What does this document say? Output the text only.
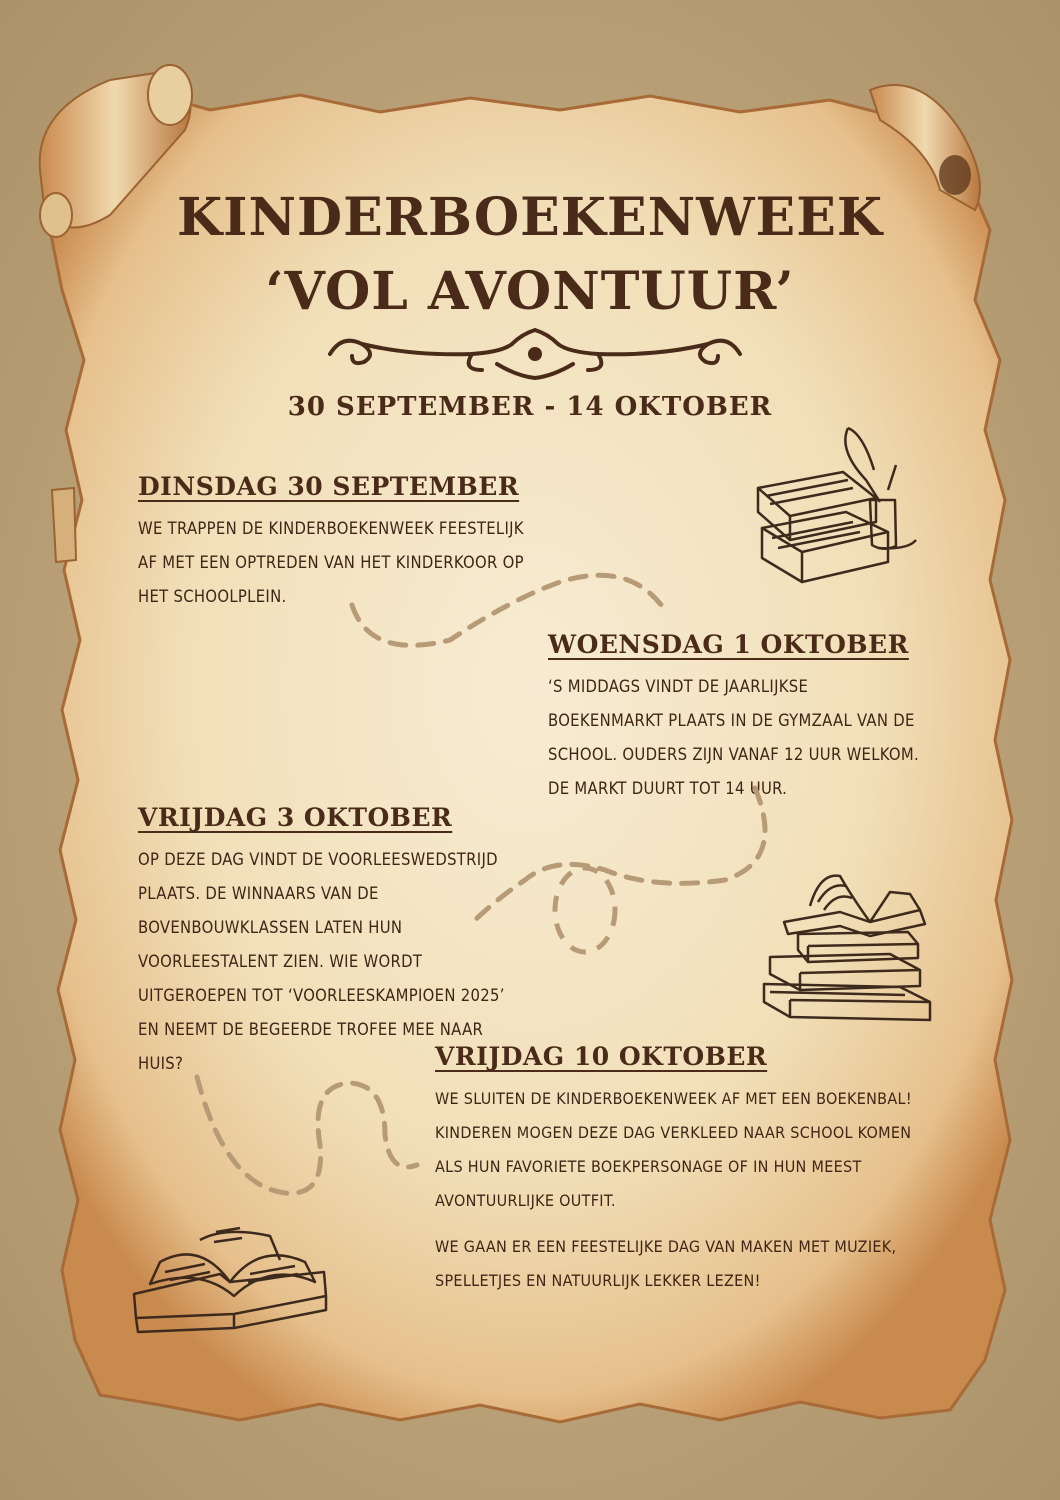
KINDERBOEKENWEEK
‘VOL AVONTUUR’
30 SEPTEMBER - 14 OKTOBER
DINSDAG 30 SEPTEMBER

WE TRAPPEN DE KINDERBOEKENWEEK FEESTELIJK AF MET EEN OPTREDEN VAN HET KINDERKOOR OP HET SCHOOLPLEIN.

WOENSDAG 1 OKTOBER

‘S MIDDAGS VINDT DE JAARLIJKSE BOEKENMARKT PLAATS IN DE GYMZAAL VAN DE SCHOOL. OUDERS ZIJN VANAF 12 UUR WELKOM. DE MARKT DUURT TOT 14 UUR.

VRIJDAG 3 OKTOBER

OP DEZE DAG VINDT DE VOORLEESWEDSTRIJD PLAATS. DE WINNAARS VAN DE BOVENBOUWKLASSEN LATEN HUN VOORLEESTALENT ZIEN. WIE WORDT UITGEROEPEN TOT ‘VOORLEESKAMPIOEN 2025’ EN NEEMT DE BEGEERDE TROFEE MEE NAAR HUIS?	VRIJDAG 10 OKTOBER

WE SLUITEN DE KINDERBOEKENWEEK AF MET EEN BOEKENBAL! KINDEREN MOGEN DEZE DAG VERKLEED NAAR SCHOOL KOMEN ALS HUN FAVORIETE BOEKPERSONAGE OF IN HUN MEEST AVONTUURLIJKE OUTFIT.

WE GAAN ER EEN FEESTELIJKE DAG VAN MAKEN MET MUZIEK, SPELLETJES EN NATUURLIJK LEKKER LEZEN!
